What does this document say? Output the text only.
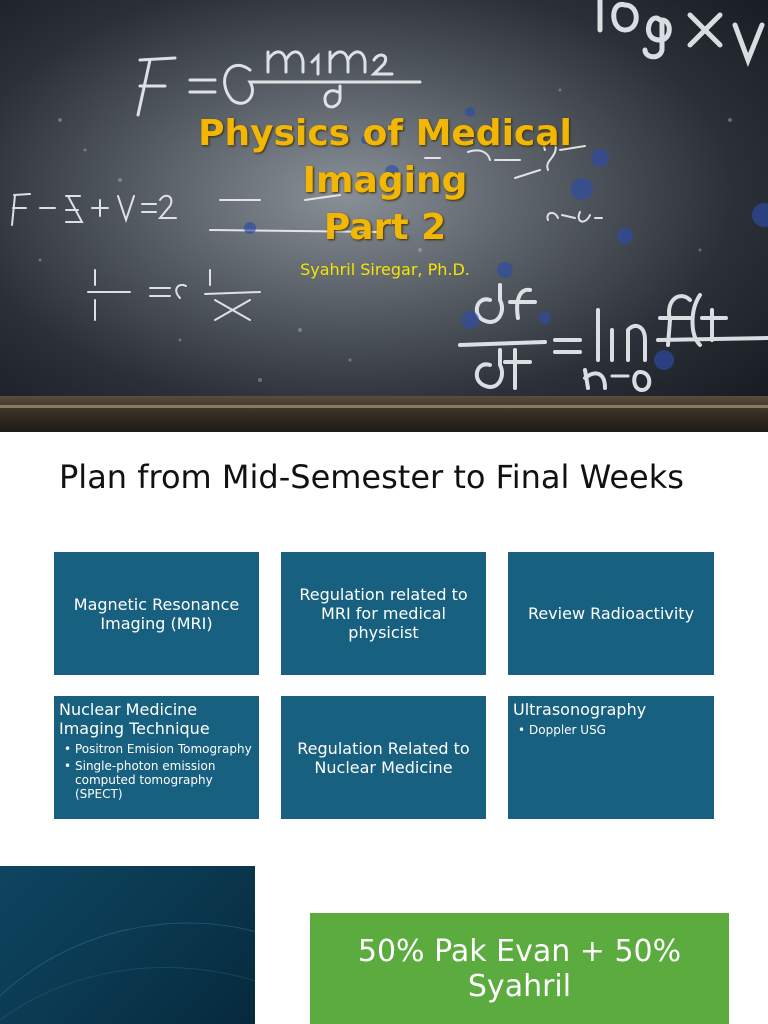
Physics of Medical
Imaging
Part 2
Syahril Siregar, Ph.D.
Plan from Mid-Semester to Final Weeks
Magnetic Resonance Imaging (MRI)
Regulation related to MRI for medical physicist
Review Radioactivity
Nuclear Medicine Imaging Technique
• Positron Emision Tomography
• Single-photon emission computed tomography (SPECT)
Regulation Related to Nuclear Medicine
Ultrasonography
• Doppler USG
50% Pak Evan + 50% Syahril
